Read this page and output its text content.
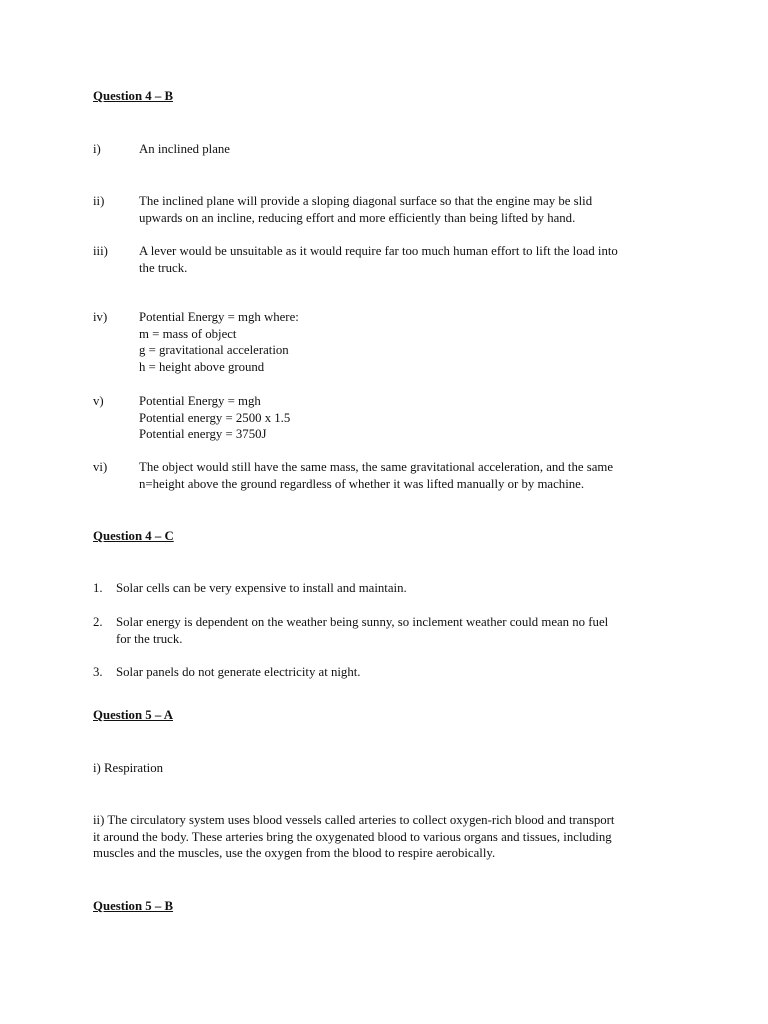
Question 4 – B
i)	An inclined plane
ii)	The inclined plane will provide a sloping diagonal surface so that the engine may be slid
upwards on an incline, reducing effort and more efficiently than being lifted by hand.
iii)	A lever would be unsuitable as it would require far too much human effort to lift the load into
the truck.
iv)	Potential Energy = mgh where:
m = mass of object
g = gravitational acceleration
h = height above ground
v)	Potential Energy = mgh
Potential energy = 2500 x 1.5
Potential energy = 3750J
vi)	The object would still have the same mass, the same gravitational acceleration, and the same
n=height above the ground regardless of whether it was lifted manually or by machine.
Question 4 – C
1.	Solar cells can be very expensive to install and maintain.
2.	Solar energy is dependent on the weather being sunny, so inclement weather could mean no fuel
for the truck.
3.	Solar panels do not generate electricity at night.
Question 5 – A
i) Respiration
ii) The circulatory system uses blood vessels called arteries to collect oxygen-rich blood and transport
it around the body. These arteries bring the oxygenated blood to various organs and tissues, including
muscles and the muscles, use the oxygen from the blood to respire aerobically.
Question 5 – B
